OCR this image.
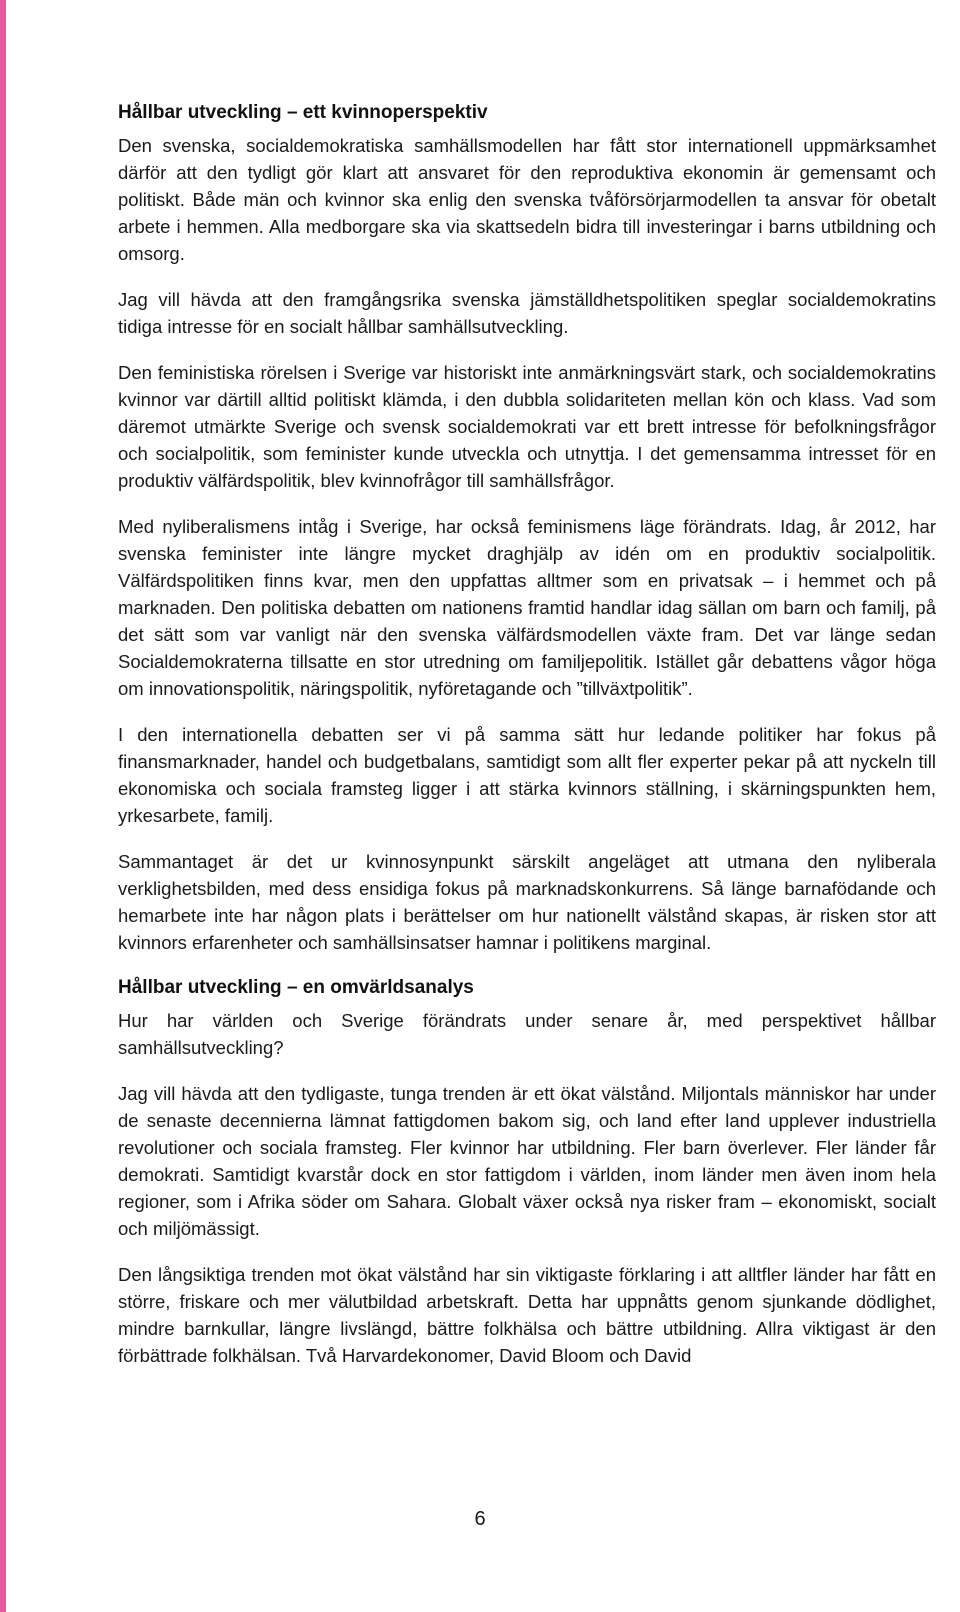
Hållbar utveckling – ett kvinnoperspektiv

Den svenska, socialdemokratiska samhällsmodellen har fått stor internationell uppmärksamhet därför att den tydligt gör klart att ansvaret för den reproduktiva ekonomin är gemensamt och politiskt. Både män och kvinnor ska enlig den svenska tvåförsörjarmodellen ta ansvar för obetalt arbete i hemmen. Alla medborgare ska via skattsedeln bidra till investeringar i barns utbildning och omsorg.

Jag vill hävda att den framgångsrika svenska jämställdhetspolitiken speglar socialdemokratins tidiga intresse för en socialt hållbar samhällsutveckling.

Den feministiska rörelsen i Sverige var historiskt inte anmärkningsvärt stark, och socialdemokratins kvinnor var därtill alltid politiskt klämda, i den dubbla solidariteten mellan kön och klass. Vad som däremot utmärkte Sverige och svensk socialdemokrati var ett brett intresse för befolkningsfrågor och socialpolitik, som feminister kunde utveckla och utnyttja. I det gemensamma intresset för en produktiv välfärdspolitik, blev kvinnofrågor till samhällsfrågor.

Med nyliberalismens intåg i Sverige, har också feminismens läge förändrats. Idag, år 2012, har svenska feminister inte längre mycket draghjälp av idén om en produktiv socialpolitik. Välfärdspolitiken finns kvar, men den uppfattas alltmer som en privatsak – i hemmet och på marknaden. Den politiska debatten om nationens framtid handlar idag sällan om barn och familj, på det sätt som var vanligt när den svenska välfärdsmodellen växte fram. Det var länge sedan Socialdemokraterna tillsatte en stor utredning om familjepolitik. Istället går debattens vågor höga om innovationspolitik, näringspolitik, nyföretagande och ”tillväxtpolitik”.

I den internationella debatten ser vi på samma sätt hur ledande politiker har fokus på finansmarknader, handel och budgetbalans, samtidigt som allt fler experter pekar på att nyckeln till ekonomiska och sociala framsteg ligger i att stärka kvinnors ställning, i skärningspunkten hem, yrkesarbete, familj.

Sammantaget är det ur kvinnosynpunkt särskilt angeläget att utmana den nyliberala verklighetsbilden, med dess ensidiga fokus på marknadskonkurrens. Så länge barnafödande och hemarbete inte har någon plats i berättelser om hur nationellt välstånd skapas, är risken stor att kvinnors erfarenheter och samhällsinsatser hamnar i politikens marginal.

Hållbar utveckling – en omvärldsanalys

Hur har världen och Sverige förändrats under senare år, med perspektivet hållbar samhällsutveckling?

Jag vill hävda att den tydligaste, tunga trenden är ett ökat välstånd. Miljontals människor har under de senaste decennierna lämnat fattigdomen bakom sig, och land efter land upplever industriella revolutioner och sociala framsteg. Fler kvinnor har utbildning. Fler barn överlever. Fler länder får demokrati. Samtidigt kvarstår dock en stor fattigdom i världen, inom länder men även inom hela regioner, som i Afrika söder om Sahara. Globalt växer också nya risker fram – ekonomiskt, socialt och miljömässigt.

Den långsiktiga trenden mot ökat välstånd har sin viktigaste förklaring i att alltfler länder har fått en större, friskare och mer välutbildad arbetskraft. Detta har uppnåtts genom sjunkande dödlighet, mindre barnkullar, längre livslängd, bättre folkhälsa och bättre utbildning. Allra viktigast är den förbättrade folkhälsan. Två Harvardekonomer, David Bloom och David

6
